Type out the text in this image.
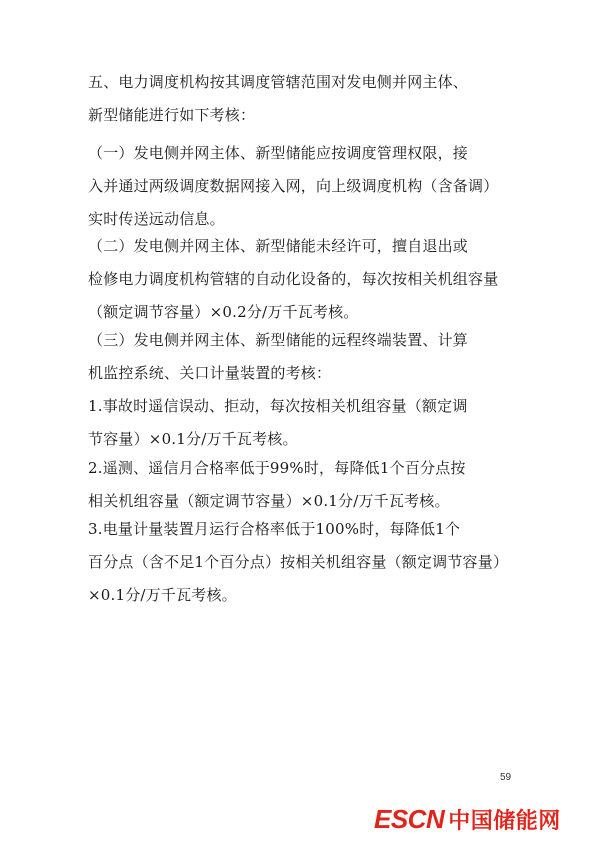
五、电力调度机构按其调度管辖范围对发电侧并网主体、
新型储能进行如下考核：

（一）发电侧并网主体、新型储能应按调度管理权限，接
入并通过两级调度数据网接入网，向上级调度机构（含备调）
实时传送远动信息。

（二）发电侧并网主体、新型储能未经许可，擅自退出或
检修电力调度机构管辖的自动化设备的，每次按相关机组容量
（额定调节容量）×0.2分/万千瓦考核。

（三）发电侧并网主体、新型储能的远程终端装置、计算
机监控系统、关口计量装置的考核：

1.事故时遥信误动、拒动，每次按相关机组容量（额定调
节容量）×0.1分/万千瓦考核。

2.遥测、遥信月合格率低于99%时，每降低1个百分点按
相关机组容量（额定调节容量）×0.1分/万千瓦考核。

3.电量计量装置月运行合格率低于100%时，每降低1个
百分点（含不足1个百分点）按相关机组容量（额定调节容量）
×0.1分/万千瓦考核。

59
ESCN 中国储能网
